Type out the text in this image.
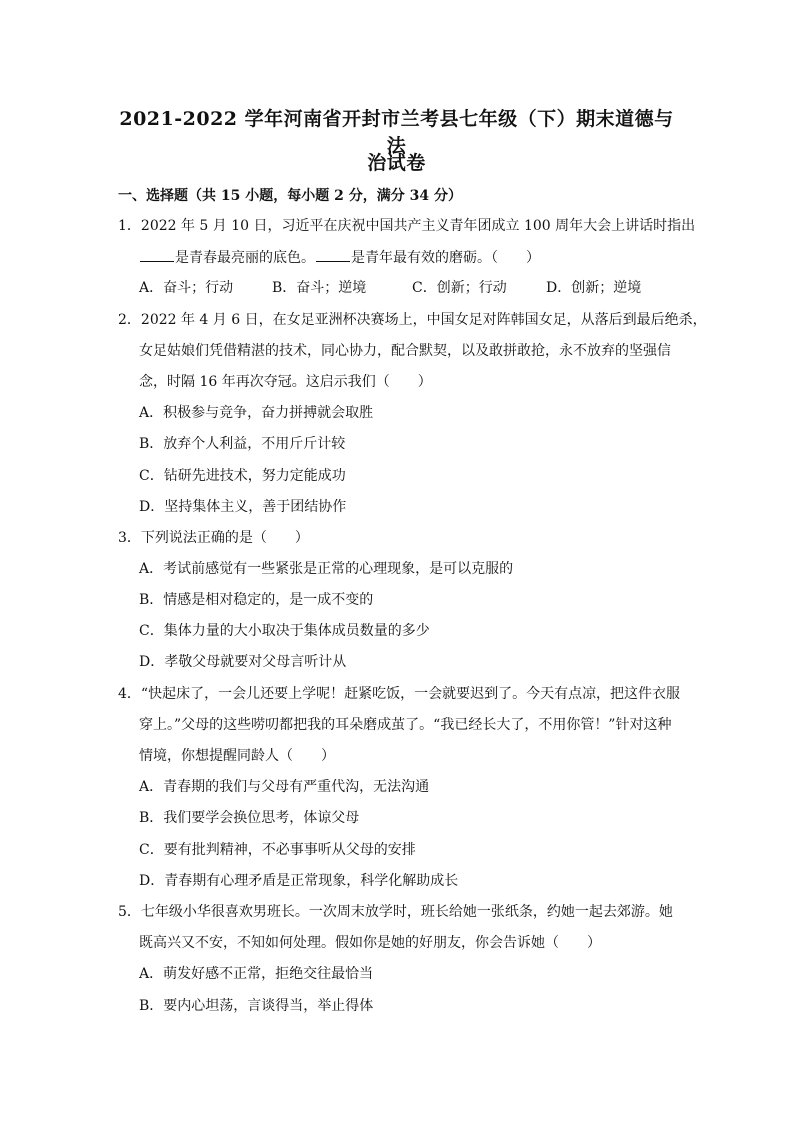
2021-2022 学年河南省开封市兰考县七年级（下）期末道德与法
治试卷
一、选择题（共 15 小题，每小题 2 分，满分 34 分）
1．2022 年 5 月 10 日，习近平在庆祝中国共产主义青年团成立 100 周年大会上讲话时指出
是青春最亮丽的底色。	是青年最有效的磨砺。（　　）
A．奋斗；行动	B．奋斗；逆境	C．创新；行动	D．创新；逆境
2．2022 年 4 月 6 日，在女足亚洲杯决赛场上，中国女足对阵韩国女足，从落后到最后绝杀，
女足姑娘们凭借精湛的技术，同心协力，配合默契，以及敢拼敢抢，永不放弃的坚强信
念，时隔 16 年再次夺冠。这启示我们（　　）
A．积极参与竞争，奋力拼搏就会取胜
B．放弃个人利益，不用斤斤计较
C．钻研先进技术，努力定能成功
D．坚持集体主义，善于团结协作
3．下列说法正确的是（　　）
A．考试前感觉有一些紧张是正常的心理现象，是可以克服的
B．情感是相对稳定的，是一成不变的
C．集体力量的大小取决于集体成员数量的多少
D．孝敬父母就要对父母言听计从
4．“快起床了，一会儿还要上学呢！赶紧吃饭，一会就要迟到了。今天有点凉，把这件衣服
穿上。”父母的这些唠叨都把我的耳朵磨成茧了。“我已经长大了，不用你管！”针对这种
情境，你想提醒同龄人（　　）
A．青春期的我们与父母有严重代沟，无法沟通
B．我们要学会换位思考，体谅父母
C．要有批判精神，不必事事听从父母的安排
D．青春期有心理矛盾是正常现象，科学化解助成长
5．七年级小华很喜欢男班长。一次周末放学时，班长给她一张纸条，约她一起去郊游。她
既高兴又不安，不知如何处理。假如你是她的好朋友，你会告诉她（　　）
A．萌发好感不正常，拒绝交往最恰当
B．要内心坦荡，言谈得当，举止得体
